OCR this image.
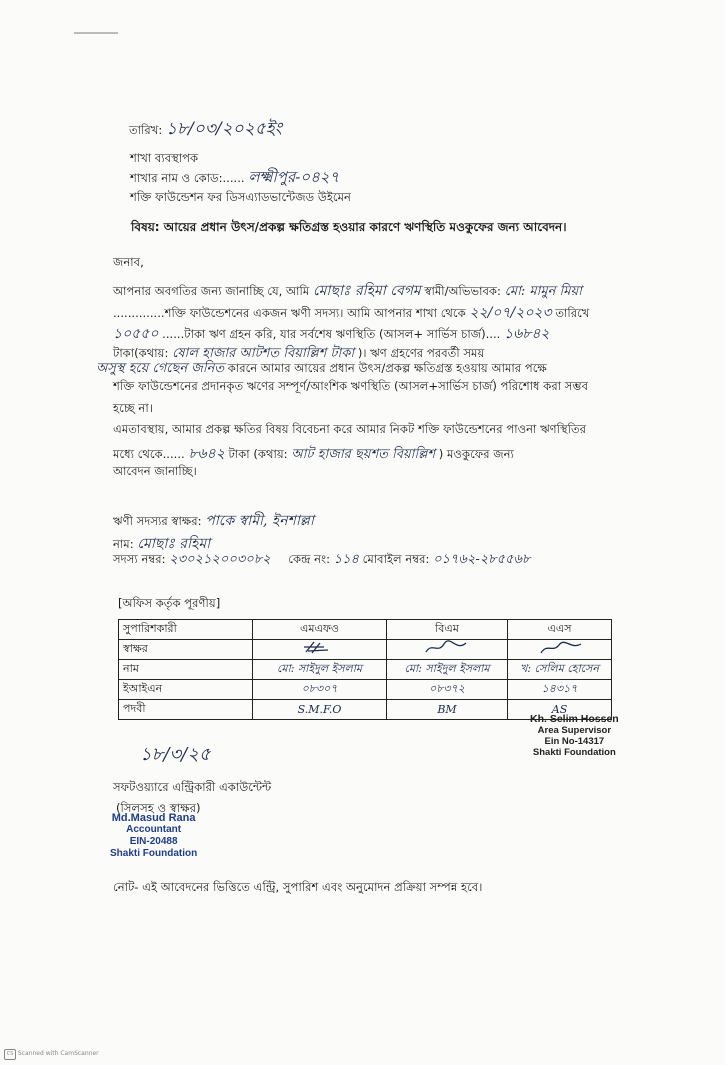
তারিখ: ১৮/০৩/২০২৫ইং
শাখা ব্যবস্থাপক
শাখার নাম ও কোড:...... লক্ষ্মীপুর-০৪২৭
শক্তি ফাউন্ডেশন ফর ডিসএ্যাডভান্টেজড উইমেন
বিষয়: আয়ের প্রধান উৎস/প্রকল্প ক্ষতিগ্রস্ত হওয়ার কারণে ঋণস্থিতি মওকুফের জন্য আবেদন।
জনাব,
আপনার অবগতির জন্য জানাচ্ছি যে, আমি মোছাঃ রহিমা বেগম স্বামী/অভিভাবক: মো: মামুন মিয়া
..............শক্তি ফাউন্ডেশনের একজন ঋণী সদস্য। আমি আপনার শাখা থেকে ২২/০৭/২০২৩ তারিখে
১০৫৫০ ......টাকা ঋণ গ্রহন করি, যার সর্বশেষ ঋণস্থিতি (আসল+ সার্ভিস চার্জ).... ১৬৮৪২
টাকা(কথায়: ষোল হাজার আটশত বিয়াল্লিশ টাকা )। ঋণ গ্রহণের পরবর্তী সময়
অসুস্থ হয়ে গেছেন জনিত কারনে আমার আয়ের প্রধান উৎস/প্রকল্প ক্ষতিগ্রস্ত হওয়ায় আমার পক্ষে
শক্তি ফাউন্ডেশনের প্রদানকৃত ঋণের সম্পূর্ণ/আংশিক ঋণস্থিতি (আসল+সার্ভিস চার্জ) পরিশোধ করা সম্ভব
হচ্ছে না।
এমতাবস্থায়, আমার প্রকল্প ক্ষতির বিষয় বিবেচনা করে আমার নিকট শক্তি ফাউন্ডেশনের পাওনা ঋণস্থিতির
মধ্যে থেকে...... ৮৬৪২ টাকা (কথায়: আট হাজার ছয়শত বিয়াল্লিশ ) মওকুফের জন্য
আবেদন জানাচ্ছি।
ঋণী সদস্যর স্বাক্ষর: পাকে স্বামী, ইনশাল্লা
নাম: মোছাঃ রহিমা
সদস্য নম্বর: ২৩০২১২০০৩০৮২ কেন্দ্র নং: ১১৪ মোবাইল নম্বর: ০১৭৬২-২৮৫৫৬৮
[অফিস কর্তৃক পূরণীয়]
সুপারিশকারী	এমএফও	বিএম	এএস
স্বাক্ষর			
নাম	মো: সাইদুল ইসলাম	মো: সাইদুল ইসলাম	খ: সেলিম হোসেন
ইআইএন	০৮৩০৭	০৮৩৭২	১৪৩১৭
পদবী	S.M.F.O	BM	AS
Kh. Selim Hossen
Area Supervisor
Ein No-14317
Shakti Foundation
১৮/৩/২৫
সফটওয়্যারে এন্ট্রিকারী একাউন্টেন্ট
(সিলসহ ও স্বাক্ষর)
Md.Masud Rana
Accountant
EIN-20488
Shakti Foundation
নোট- এই আবেদনের ভিত্তিতে এন্ট্রি, সুপারিশ এবং অনুমোদন প্রক্রিয়া সম্পন্ন হবে।
CS Scanned with CamScanner
